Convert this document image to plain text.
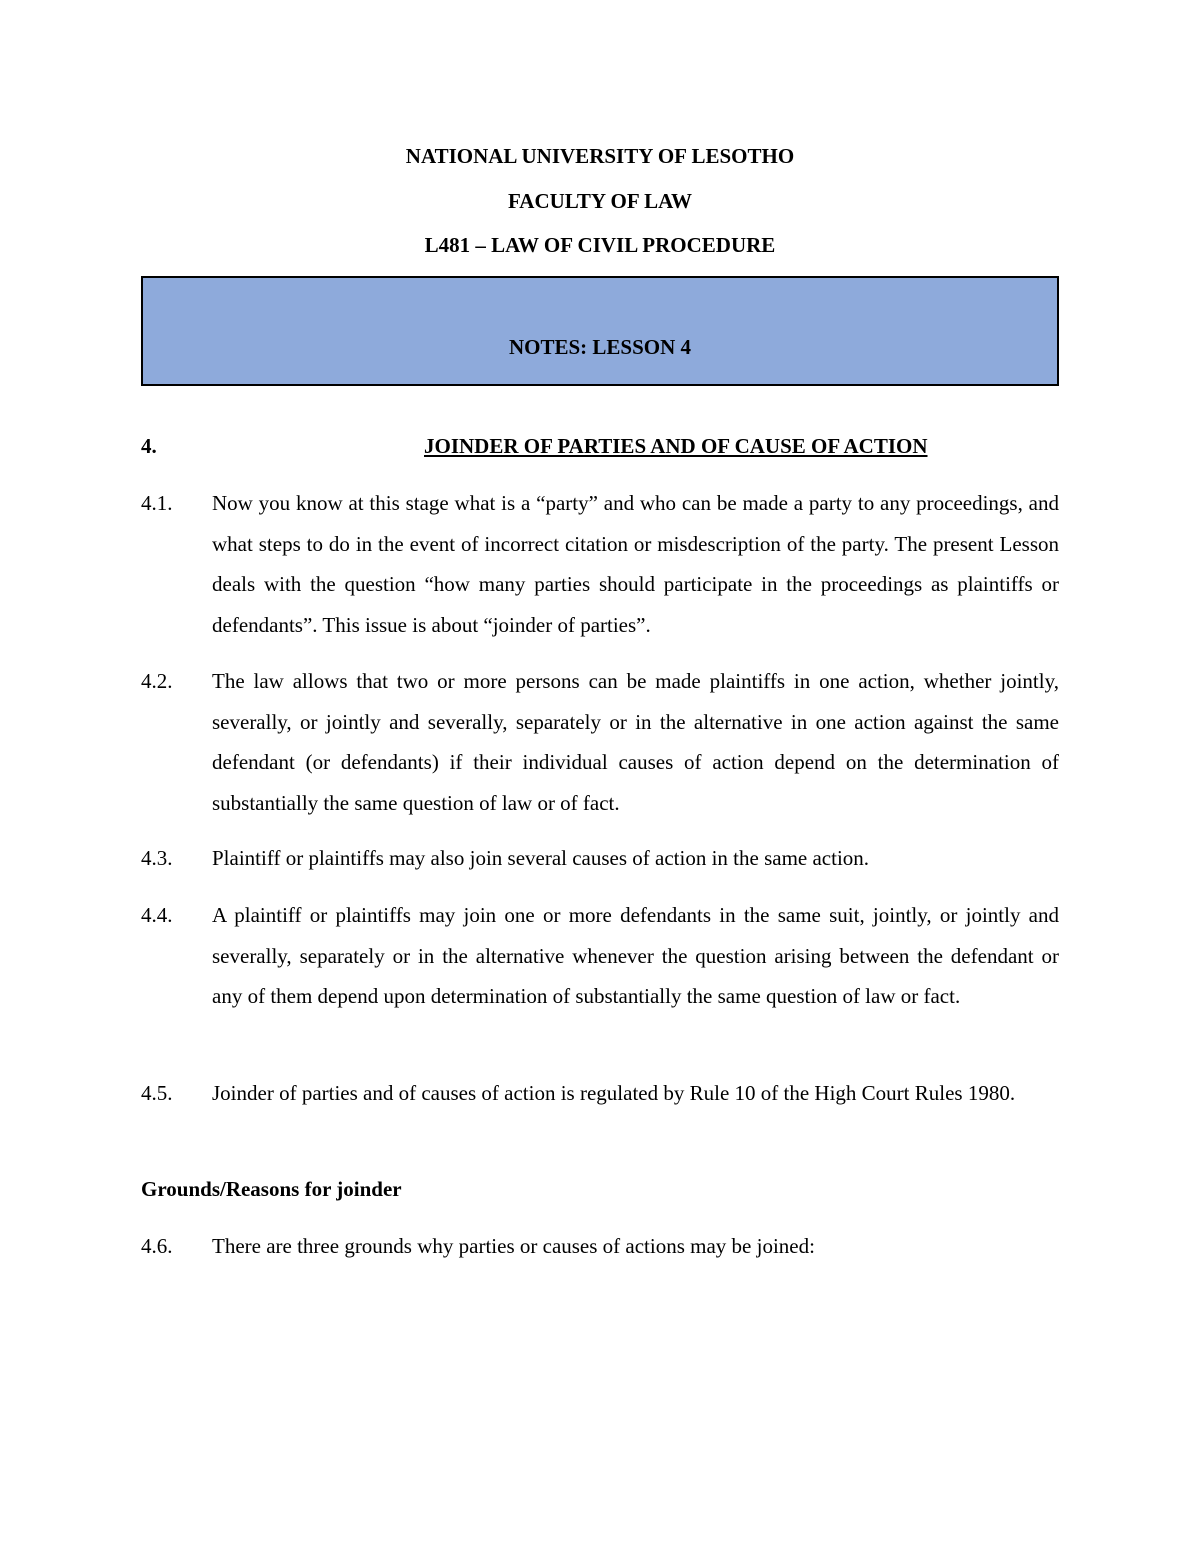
NATIONAL UNIVERSITY OF LESOTHO
FACULTY OF LAW
L481 – LAW OF CIVIL PROCEDURE
NOTES: LESSON 4
4.	JOINDER OF PARTIES AND OF CAUSE OF ACTION
4.1. Now you know at this stage what is a “party” and who can be made a party to any proceedings, and what steps to do in the event of incorrect citation or misdescription of the party. The present Lesson deals with the question “how many parties should participate in the proceedings as plaintiffs or defendants”. This issue is about “joinder of parties”.
4.2. The law allows that two or more persons can be made plaintiffs in one action, whether jointly, severally, or jointly and severally, separately or in the alternative in one action against the same defendant (or defendants) if their individual causes of action depend on the determination of substantially the same question of law or of fact.
4.3. Plaintiff or plaintiffs may also join several causes of action in the same action.
4.4. A plaintiff or plaintiffs may join one or more defendants in the same suit, jointly, or jointly and severally, separately or in the alternative whenever the question arising between the defendant or any of them depend upon determination of substantially the same question of law or fact.
4.5. Joinder of parties and of causes of action is regulated by Rule 10 of the High Court Rules 1980.
Grounds/Reasons for joinder
4.6. There are three grounds why parties or causes of actions may be joined:
